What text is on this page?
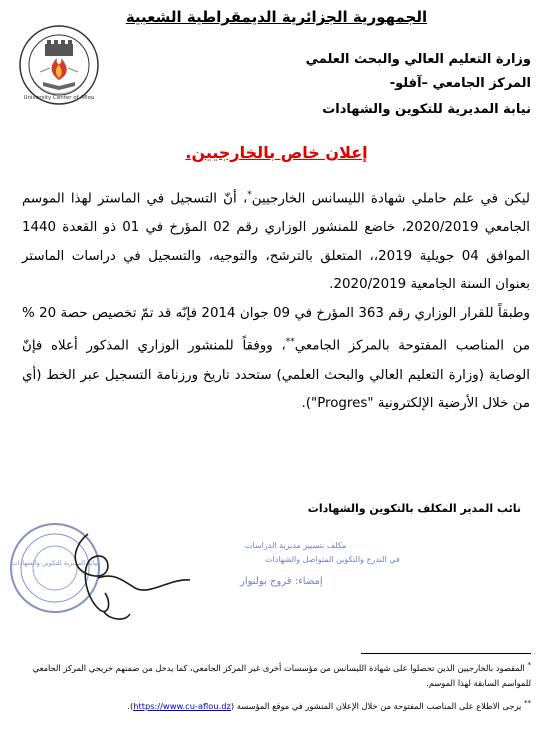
الجمهورية الجزائرية الديمقراطية الشعبية
University Center of Aflou
وزارة التعليم العالي والبحث العلمي
المركز الجامعي –آفلو-
نيابة المديرية للتكوين والشهادات
إعلان خاص بالخارجيين.

ليكن في علم حاملي شهادة الليسانس الخارجيين*، أنّ التسجيل في الماستر لهذا الموسم الجامعي 2020/2019، خاضع للمنشور الوزاري رقم 02 المؤرخ في 01 ذو القعدة 1440 الموافق 04 جويلية 2019،، المتعلق بالترشح، والتوجيه، والتسجيل في دراسات الماستر بعنوان السنة الجامعية 2020/2019.

وطبقاً للقرار الوزاري رقم 363 المؤرخ في 09 جوان 2014 فإنّه قد تمّ تخصيص حصة 20 % من المناصب المفتوحة بالمركز الجامعي**، ووفقاً للمنشور الوزاري المذكور أعلاه فإنّ الوصاية (وزارة التعليم العالي والبحث العلمي) ستحدد تاريخ ورزنامة التسجيل عبر الخط (أي من خلال الأرضية الإلكترونية "Progres").

نائب المدير المكلف بالتكوين والشهادات
نيابة المديرية للتكوين والشهادات
مكلف بتسيير مديرية الدراسات
في التدرج والتكوين المتواصل والشهادات
إمضاء: قروج بولنوار

* المقصود بالخارجيين الذين تحصلوا على شهادة الليسانس من مؤسسات أخرى غير المركز الجامعي، كما يدخل من ضمنهم خريجي المركز الجامعي للمواسم السابقة لهذا الموسم.

** يرجى الاطلاع على المناصب المفتوحة من خلال الإعلان المنشور في موقع المؤسسة (https://www.cu-aflou.dz).
